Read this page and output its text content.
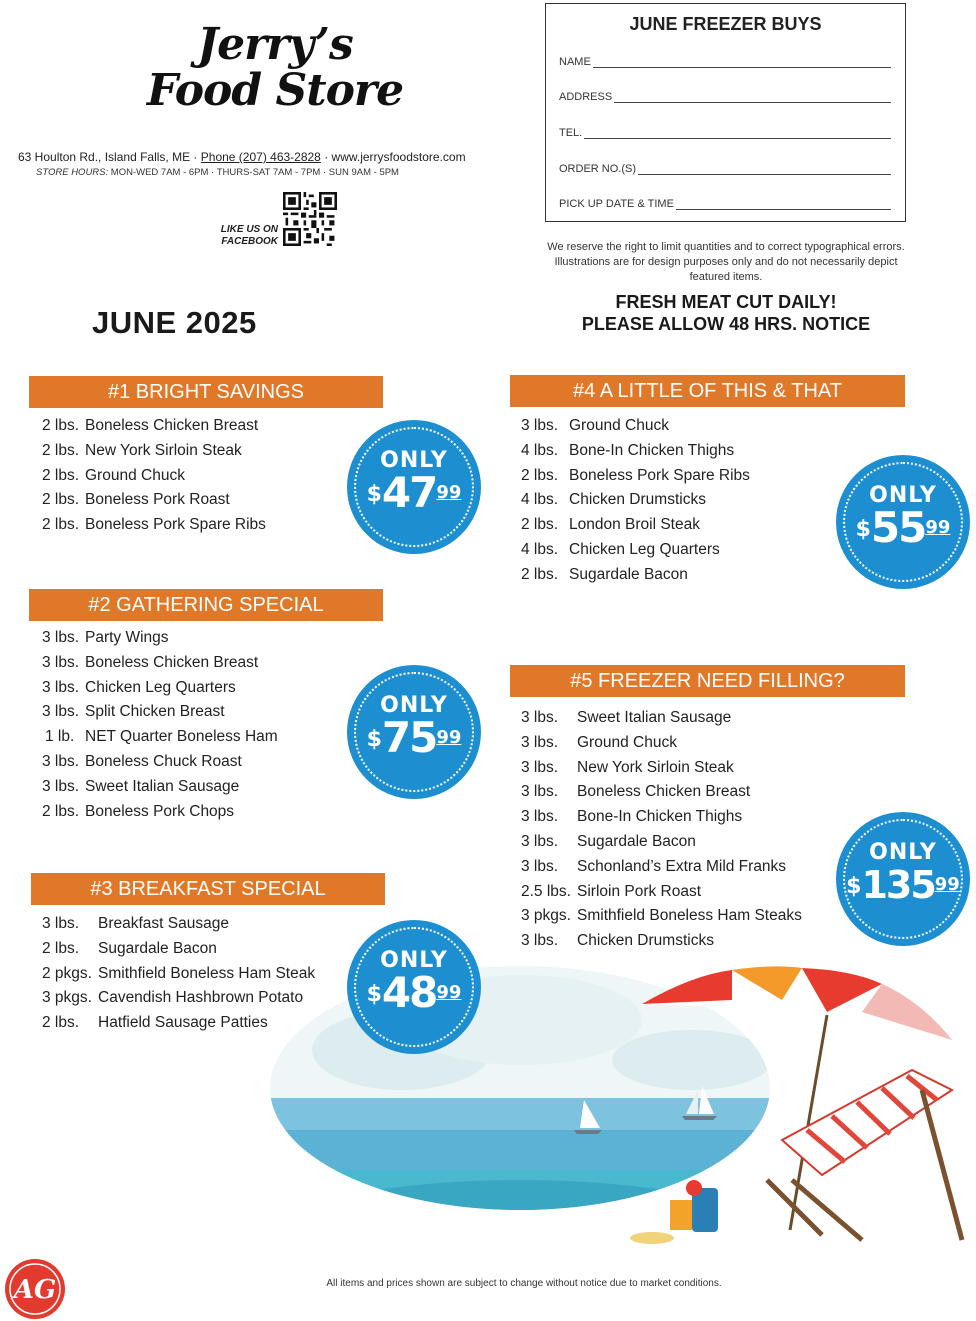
Jerry’s
Food Store
63 Houlton Rd., Island Falls, ME · Phone (207) 463-2828 · www.jerrysfoodstore.com
STORE HOURS: MON-WED 7AM - 6PM · THURS-SAT 7AM - 7PM · SUN 9AM - 5PM
LIKE US ON
FACEBOOK
JUNE 2025
JUNE FREEZER BUYS
NAME
ADDRESS
TEL.
ORDER NO.(S)
PICK UP DATE & TIME
We reserve the right to limit quantities and to correct typographical errors. Illustrations are for design purposes only and do not necessarily depict featured items.
FRESH MEAT CUT DAILY!
PLEASE ALLOW 48 HRS. NOTICE
#1 BRIGHT SAVINGS
2 lbs. Boneless Chicken Breast
2 lbs. New York Sirloin Steak
2 lbs. Ground Chuck
2 lbs. Boneless Pork Roast
2 lbs. Boneless Pork Spare Ribs
ONLY
$4799
#2 GATHERING SPECIAL
3 lbs. Party Wings
3 lbs. Boneless Chicken Breast
3 lbs. Chicken Leg Quarters
3 lbs. Split Chicken Breast
1 lb. NET Quarter Boneless Ham
3 lbs. Boneless Chuck Roast
3 lbs. Sweet Italian Sausage
2 lbs. Boneless Pork Chops
ONLY
$7599
#3 BREAKFAST SPECIAL
3 lbs.	Breakfast Sausage
2 lbs.	Sugardale Bacon
2 pkgs. Smithfield Boneless Ham Steak
3 pkgs. Cavendish Hashbrown Potato
2 lbs.	Hatfield Sausage Patties
ONLY
$4899
#4 A LITTLE OF THIS & THAT
3 lbs. Ground Chuck
4 lbs. Bone-In Chicken Thighs
2 lbs. Boneless Pork Spare Ribs
4 lbs. Chicken Drumsticks
2 lbs. London Broil Steak
4 lbs. Chicken Leg Quarters
2 lbs. Sugardale Bacon
ONLY
$5599
#5 FREEZER NEED FILLING?
3 lbs.	Sweet Italian Sausage
3 lbs.	Ground Chuck
3 lbs.	New York Sirloin Steak
3 lbs.	Boneless Chicken Breast
3 lbs.	Bone-In Chicken Thighs
3 lbs.	Sugardale Bacon
3 lbs.	Schonland’s Extra Mild Franks
2.5 lbs. Sirloin Pork Roast
3 pkgs. Smithfield Boneless Ham Steaks
3 lbs.	Chicken Drumsticks
ONLY
$13599
AG	All items and prices shown are subject to change without notice due to market conditions.
